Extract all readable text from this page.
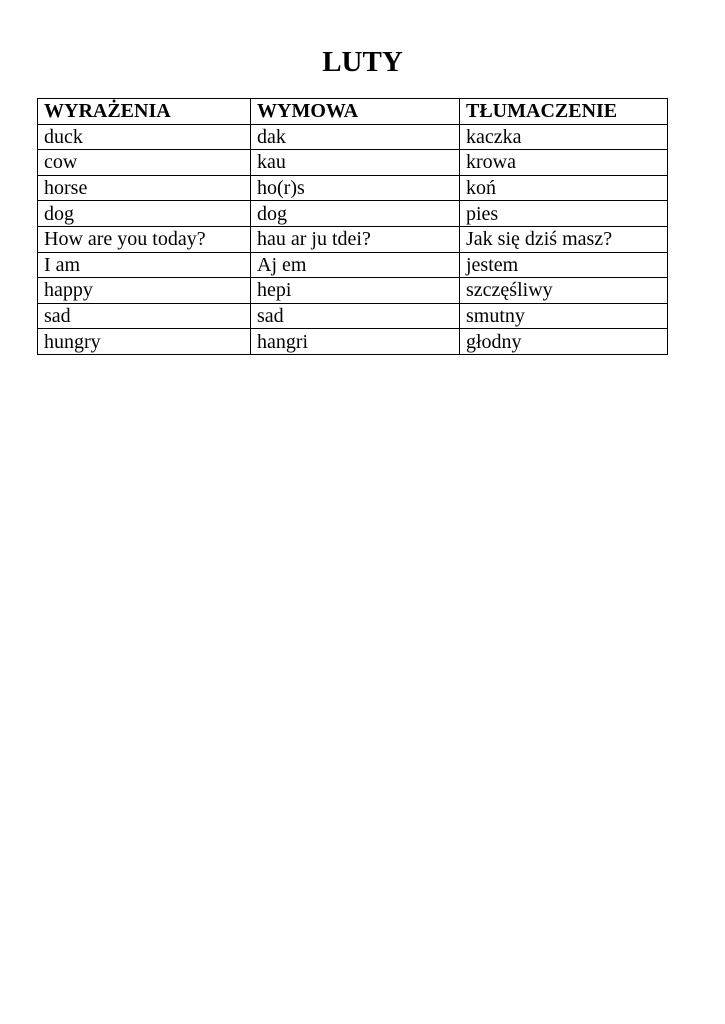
LUTY
WYRAŻENIA	WYMOWA	TŁUMACZENIE
duck	dak	kaczka
cow	kau	krowa
horse	ho(r)s	koń
dog	dog	pies
How are you today?	hau ar ju tdei?	Jak się dziś masz?
I am	Aj em	jestem
happy	hepi	szczęśliwy
sad	sad	smutny
hungry	hangri	głodny
